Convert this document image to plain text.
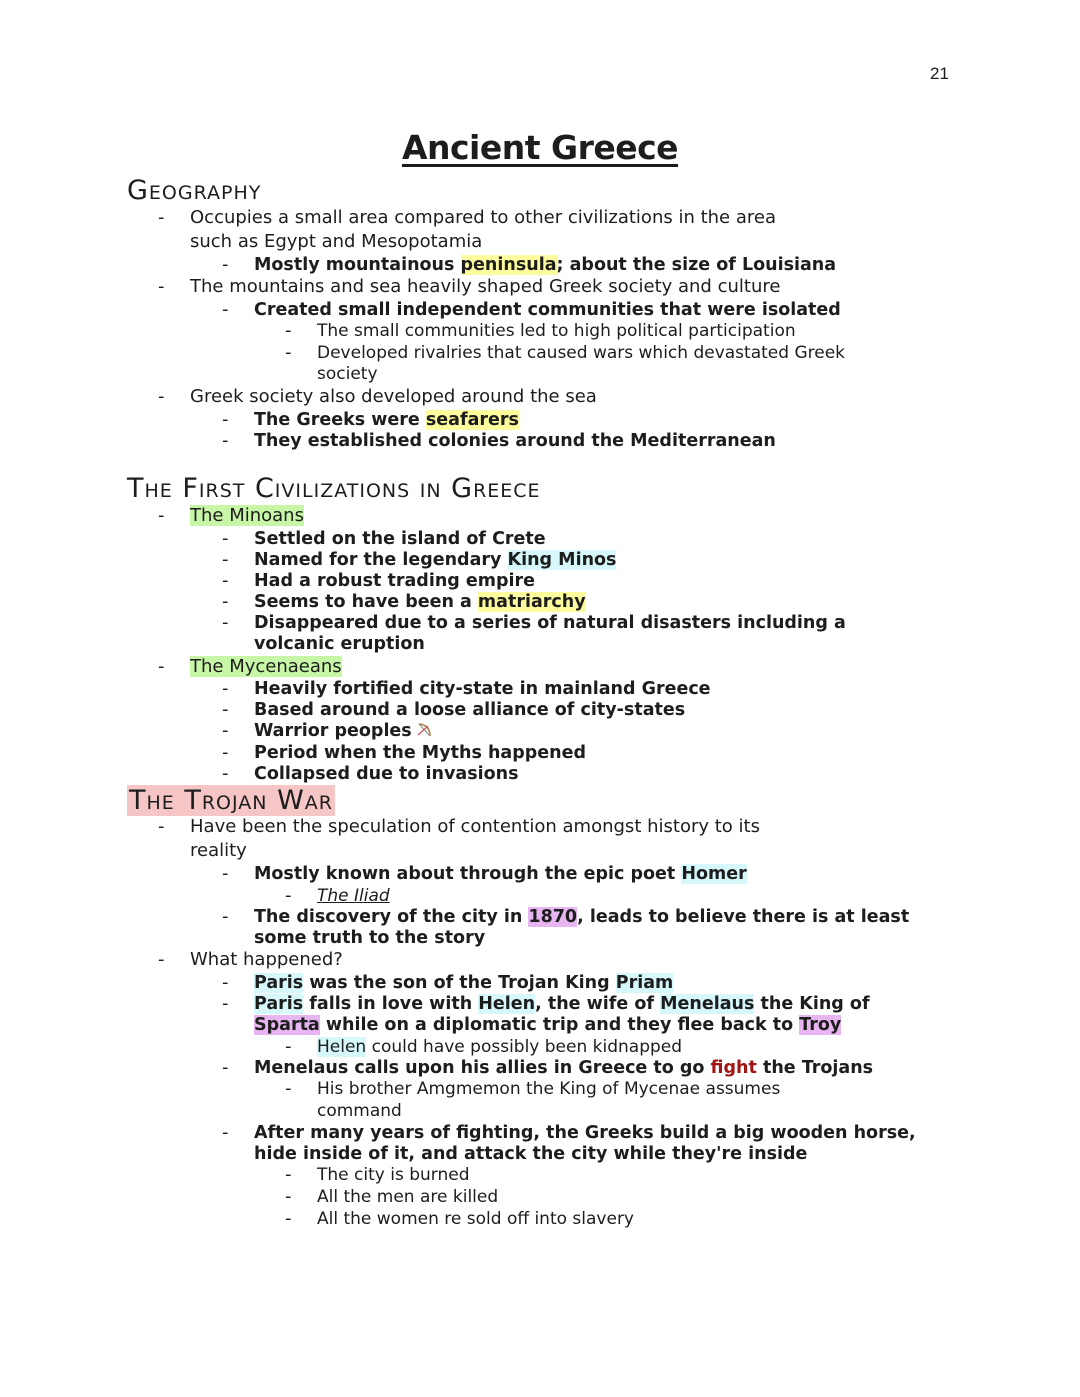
21
Ancient Greece
Geography
- Occupies a small area compared to other civilizations in the area
such as Egypt and Mesopotamia
- Mostly mountainous peninsula; about the size of Louisiana
- The mountains and sea heavily shaped Greek society and culture
- Created small independent communities that were isolated
- The small communities led to high political participation
- Developed rivalries that caused wars which devastated Greek
society
- Greek society also developed around the sea
- The Greeks were seafarers
- They established colonies around the Mediterranean
The First Civilizations in Greece
- The Minoans
- Settled on the island of Crete
- Named for the legendary King Minos
- Had a robust trading empire
- Seems to have been a matriarchy
- Disappeared due to a series of natural disasters including a
volcanic eruption
- The Mycenaeans
- Heavily fortified city-state in mainland Greece
- Based around a loose alliance of city-states
- Warrior peoples
- Period when the Myths happened
- Collapsed due to invasions
The Trojan War
- Have been the speculation of contention amongst history to its
reality
- Mostly known about through the epic poet Homer
- The Iliad
- The discovery of the city in 1870, leads to believe there is at least
some truth to the story
- What happened?
- Paris was the son of the Trojan King Priam
- Paris falls in love with Helen, the wife of Menelaus the King of
Sparta while on a diplomatic trip and they flee back to Troy
- Helen could have possibly been kidnapped
- Menelaus calls upon his allies in Greece to go fight the Trojans
- His brother Amgmemon the King of Mycenae assumes
command
- After many years of fighting, the Greeks build a big wooden horse,
hide inside of it, and attack the city while they're inside
- The city is burned
- All the men are killed
- All the women re sold off into slavery
